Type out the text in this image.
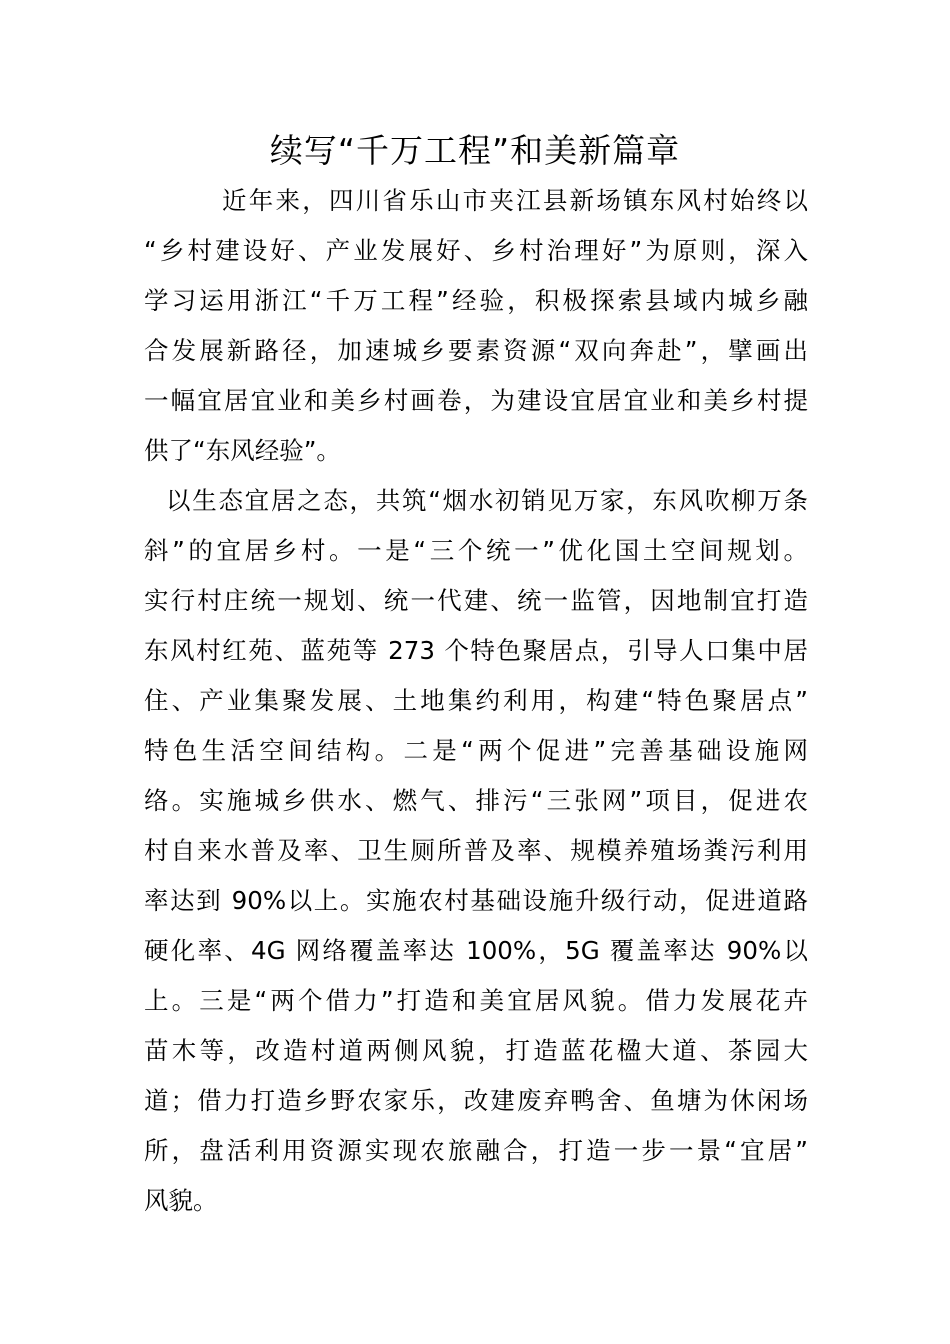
续写“千万工程”和美新篇章
近年来，四川省乐山市夹江县新场镇东风村始终以
“乡村建设好、产业发展好、乡村治理好”为原则，深入
学习运用浙江“千万工程”经验，积极探索县域内城乡融
合发展新路径，加速城乡要素资源“双向奔赴”，擘画出
一幅宜居宜业和美乡村画卷，为建设宜居宜业和美乡村提
供了“东风经验”。
以生态宜居之态，共筑“烟水初销见万家，东风吹柳万条
斜”的宜居乡村。一是“三个统一”优化国土空间规划。
实行村庄统一规划、统一代建、统一监管，因地制宜打造
东风村红苑、蓝苑等 273 个特色聚居点，引导人口集中居
住、产业集聚发展、土地集约利用，构建“特色聚居点”
特色生活空间结构。二是“两个促进”完善基础设施网
络。实施城乡供水、燃气、排污“三张网”项目，促进农
村自来水普及率、卫生厕所普及率、规模养殖场粪污利用
率达到 90%以上。实施农村基础设施升级行动，促进道路
硬化率、4G 网络覆盖率达 100%，5G 覆盖率达 90%以
上。三是“两个借力”打造和美宜居风貌。借力发展花卉
苗木等，改造村道两侧风貌，打造蓝花楹大道、茶园大
道；借力打造乡野农家乐，改建废弃鸭舍、鱼塘为休闲场
所，盘活利用资源实现农旅融合，打造一步一景“宜居”
风貌。
